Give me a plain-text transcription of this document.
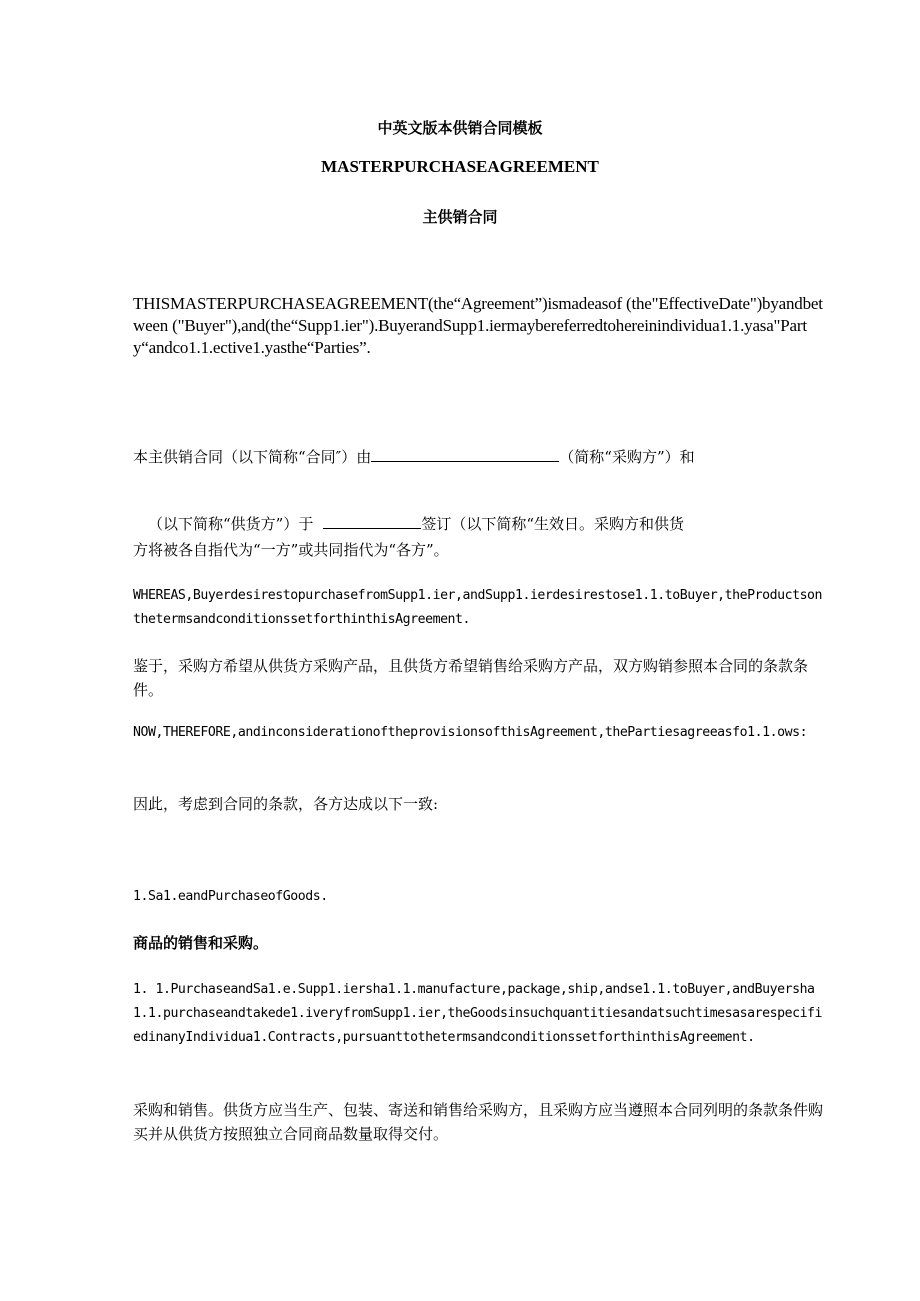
中英文版本供销合同模板
MASTERPURCHASEAGREEMENT
主供销合同

THISMASTERPURCHASEAGREEMENT(the“Agreement”)ismadeasof (the"EffectiveDate")byandbetween ("Buyer"),and(the“Supp1.ier").BuyerandSupp1.iermaybereferredtohereinindividua1.1.yasa"Party“andco1.1.ective1.yasthe“Parties”.

本主供销合同（以下简称“合同″）由	（简称“采购方”）和

（以下简称“供货方”）于	签订（以下简称“生效日。采购方和供货

方将被各自指代为“一方”或共同指代为“各方”。

WHEREAS,BuyerdesirestopurchasefromSupp1.ier,andSupp1.ierdesirestose1.1.toBuyer,theProductsonthetermsandconditionssetforthinthisAgreement.

鉴于，采购方希望从供货方采购产品，且供货方希望销售给采购方产品，双方购销参照本合同的条款条件。

NOW,THEREFORE,andinconsiderationoftheprovisionsofthisAgreement,thePartiesagreeasfo1.1.ows:

因此，考虑到合同的条款，各方达成以下一致:

1.Sa1.eandPurchaseofGoods.

商品的销售和采购。

1. 1.PurchaseandSa1.e.Supp1.iersha1.1.manufacture,package,ship,andse1.1.toBuyer,andBuyersha1.1.purchaseandtakede1.iveryfromSupp1.ier,theGoodsinsuchquantitiesandatsuchtimesasarespecifiedinanyIndividua1.Contracts,pursuanttothetermsandconditionssetforthinthisAgreement.

采购和销售。供货方应当生产、包装、寄送和销售给采购方，且采购方应当遵照本合同列明的条款条件购买并从供货方按照独立合同商品数量取得交付。
